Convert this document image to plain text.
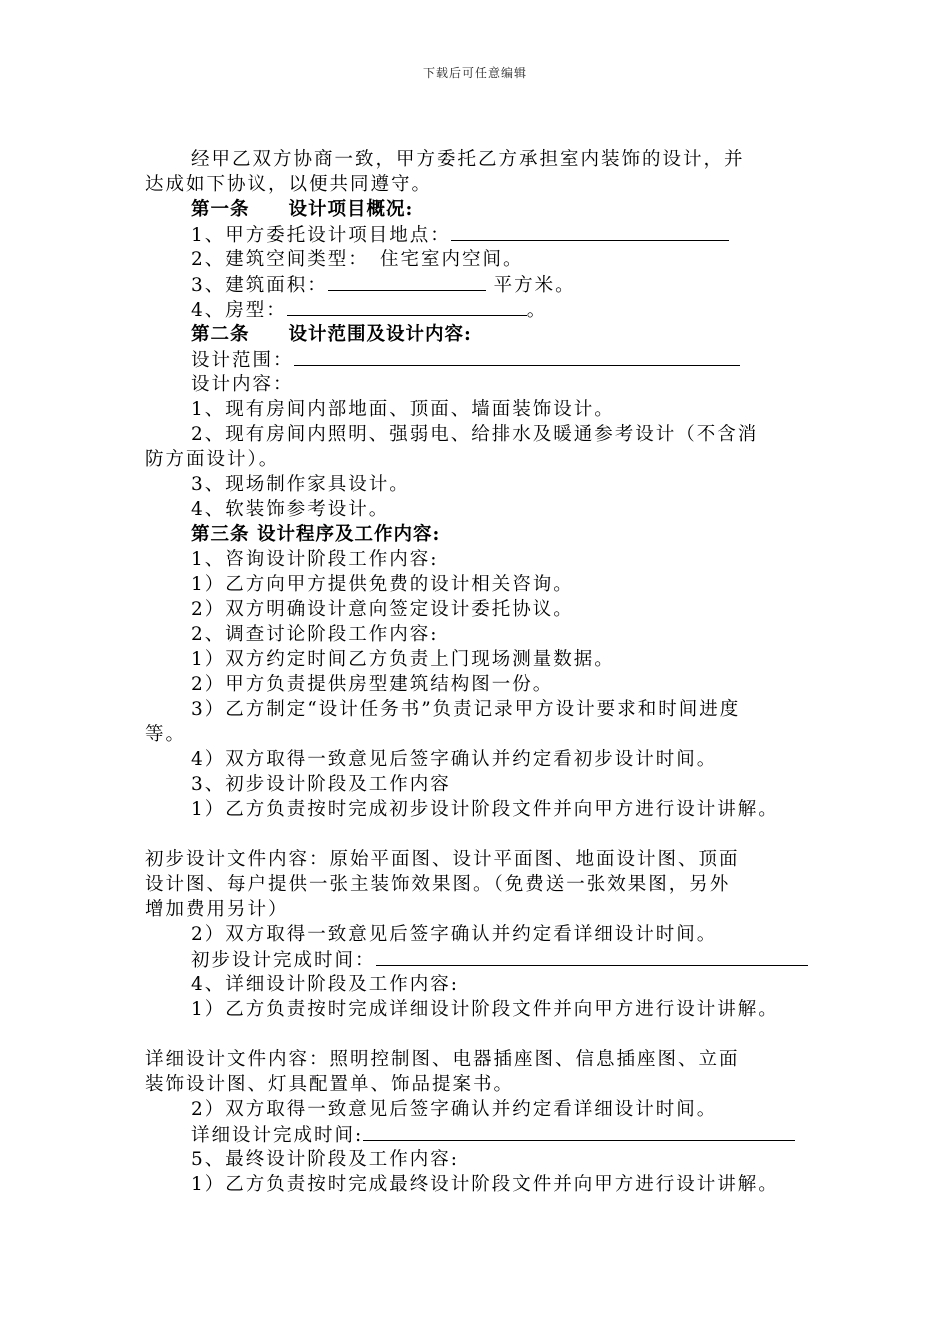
下载后可任意编辑
经甲乙双方协商一致，甲方委托乙方承担室内装饰的设计，并
达成如下协议，以便共同遵守。
第一条　　设计项目概况:
1、甲方委托设计项目地点：
2、建筑空间类型：　住宅室内空间。
3、建筑面积：	平方米。
4、房型：	。
第二条　　设计范围及设计内容:
设计范围：
设计内容：
1、现有房间内部地面、顶面、墙面装饰设计。
2、现有房间内照明、强弱电、给排水及暖通参考设计（不含消
防方面设计）。
3、现场制作家具设计。
4、软装饰参考设计。
第三条 设计程序及工作内容:
1、咨询设计阶段工作内容:
1）乙方向甲方提供免费的设计相关咨询。
2）双方明确设计意向签定设计委托协议。
2、调查讨论阶段工作内容:
1）双方约定时间乙方负责上门现场测量数据。
2）甲方负责提供房型建筑结构图一份。
3）乙方制定“设计任务书”负责记录甲方设计要求和时间进度
等。
4）双方取得一致意见后签字确认并约定看初步设计时间。
3、初步设计阶段及工作内容
1）乙方负责按时完成初步设计阶段文件并向甲方进行设计讲解。
初步设计文件内容：原始平面图、设计平面图、地面设计图、顶面
设计图、每户提供一张主装饰效果图。（免费送一张效果图，另外
增加费用另计）
2）双方取得一致意见后签字确认并约定看详细设计时间。
初步设计完成时间：
4、详细设计阶段及工作内容:
1）乙方负责按时完成详细设计阶段文件并向甲方进行设计讲解。
详细设计文件内容：照明控制图、电器插座图、信息插座图、立面
装饰设计图、灯具配置单、饰品提案书。
2）双方取得一致意见后签字确认并约定看详细设计时间。
详细设计完成时间:
5、最终设计阶段及工作内容:
1）乙方负责按时完成最终设计阶段文件并向甲方进行设计讲解。
